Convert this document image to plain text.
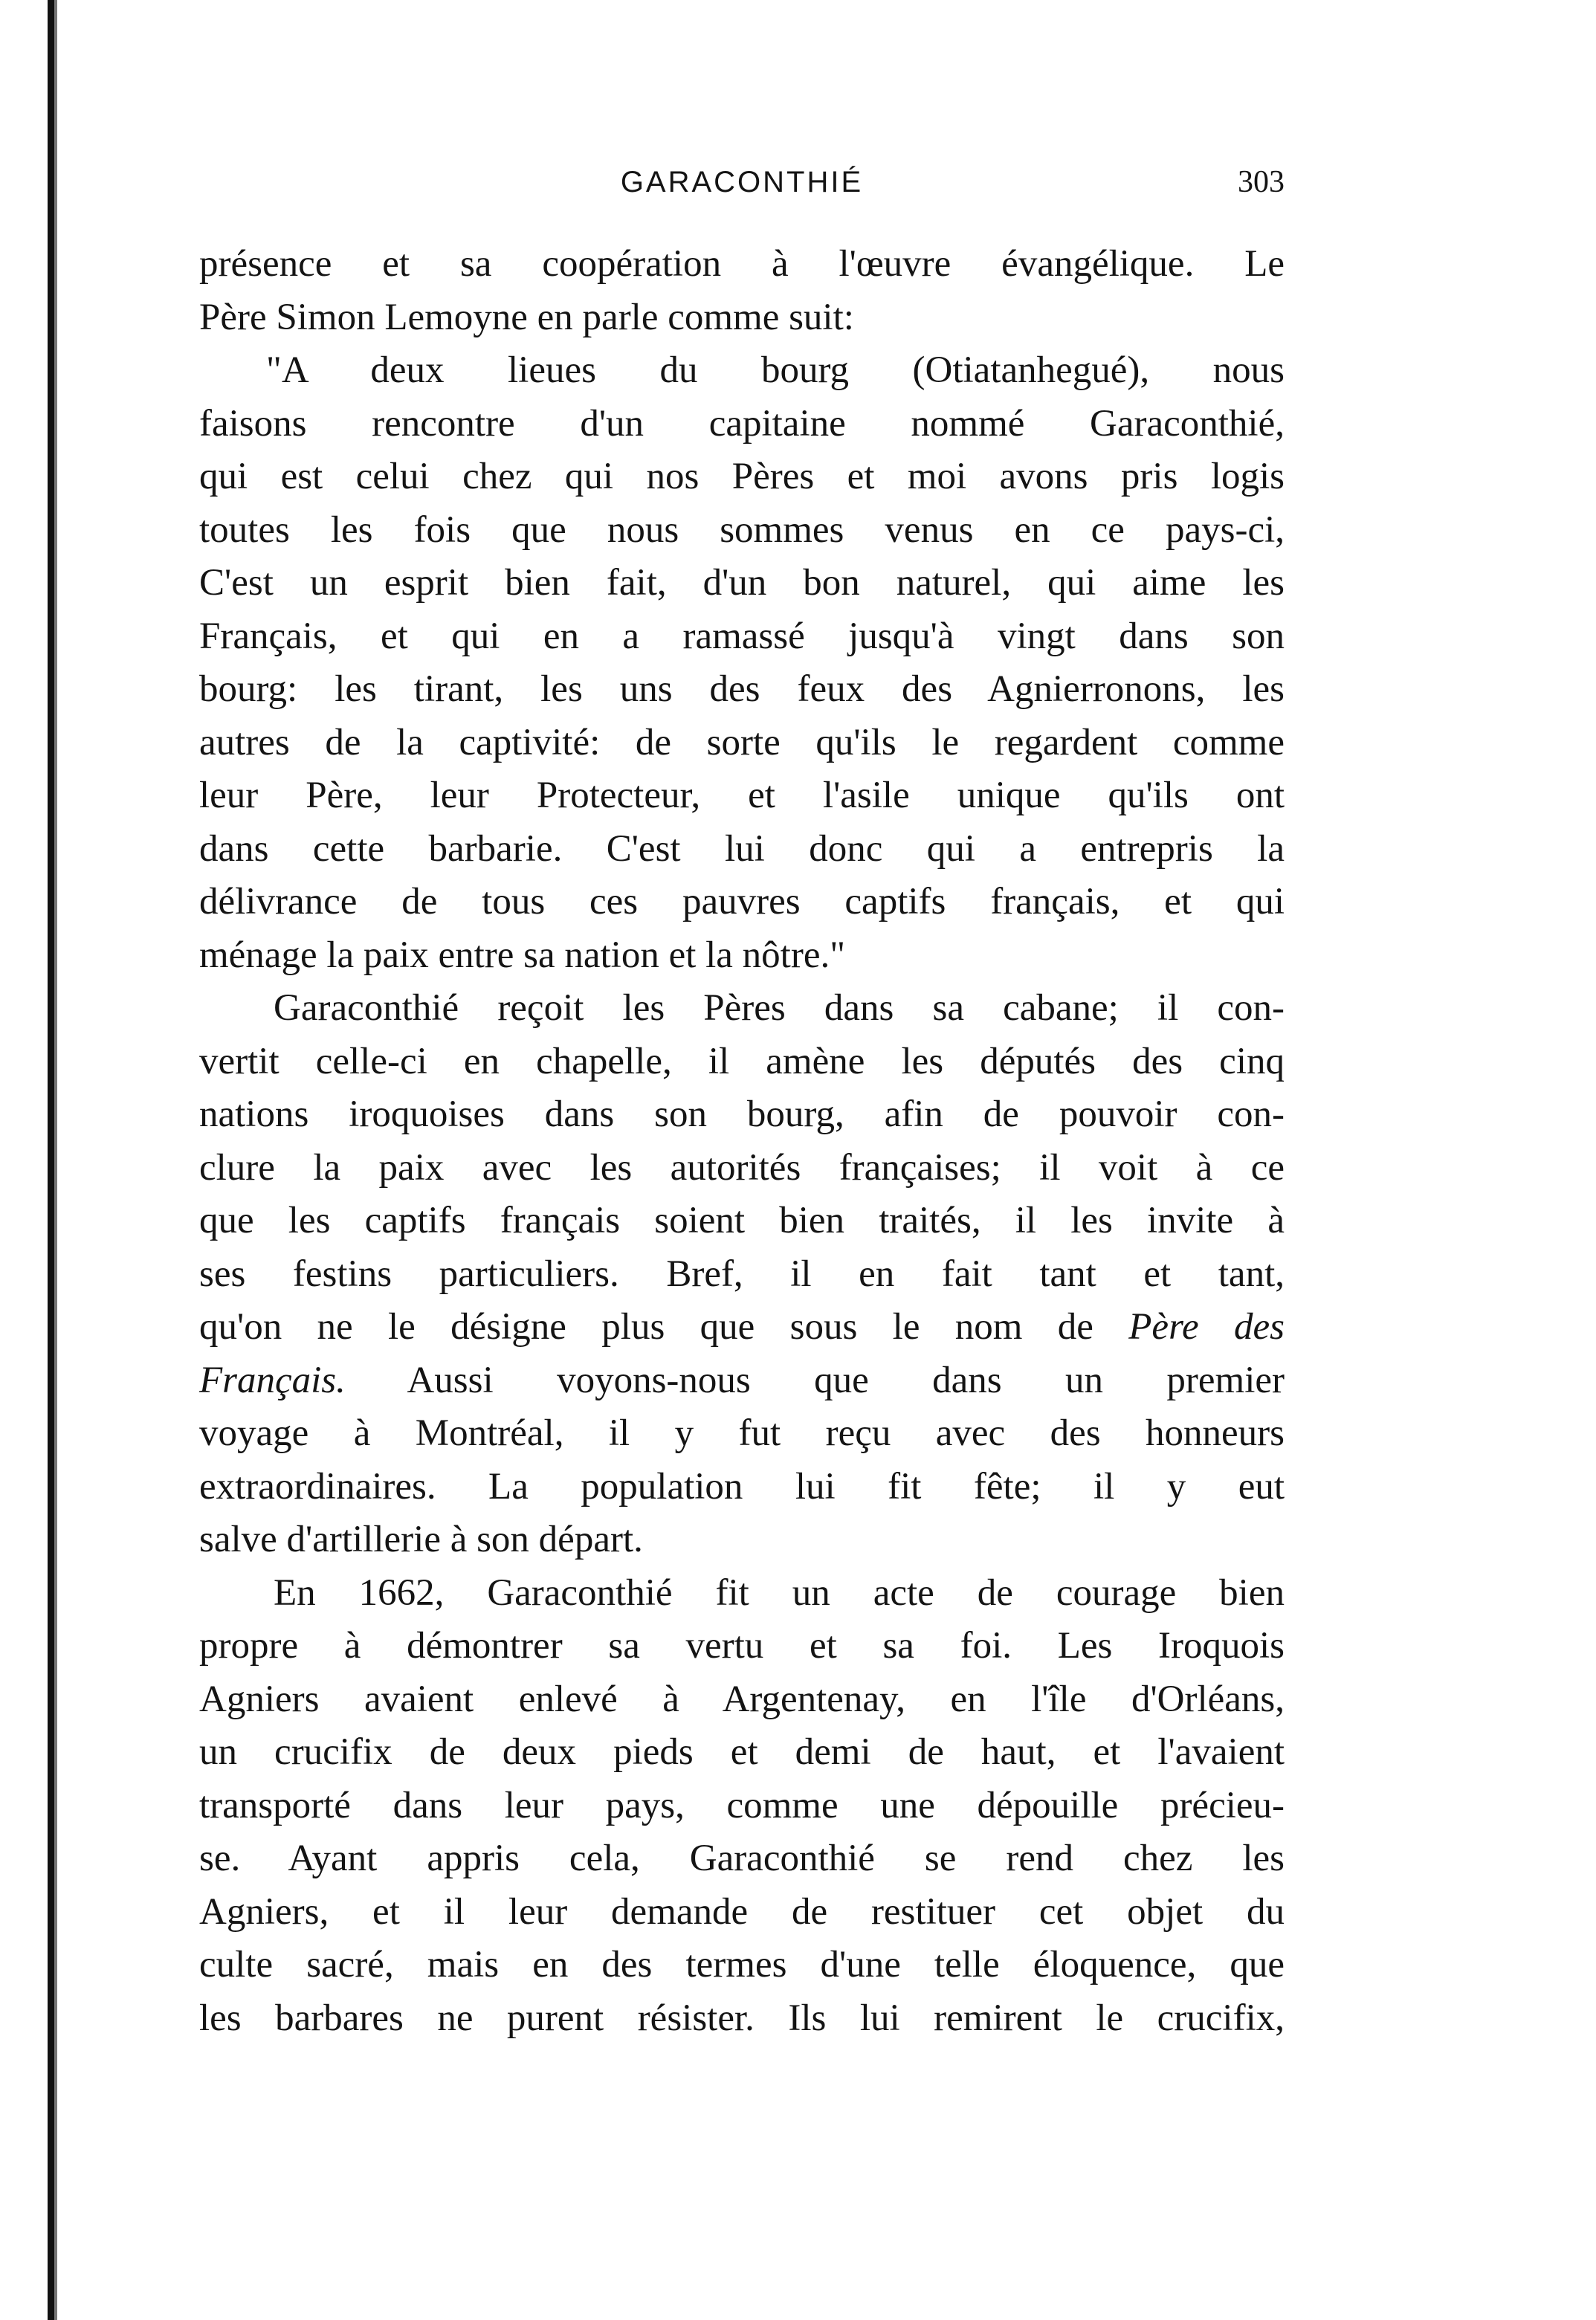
GARACONTHIÉ	303
présence et sa coopération à l'œuvre évangélique. Le
Père Simon Lemoyne en parle comme suit:
"A deux lieues du bourg (Otiatanhegué), nous
faisons rencontre d'un capitaine nommé Garaconthié,
qui est celui chez qui nos Pères et moi avons pris logis
toutes les fois que nous sommes venus en ce pays-ci,
C'est un esprit bien fait, d'un bon naturel, qui aime les
Français, et qui en a ramassé jusqu'à vingt dans son
bourg: les tirant, les uns des feux des Agnierronons, les
autres de la captivité: de sorte qu'ils le regardent comme
leur Père, leur Protecteur, et l'asile unique qu'ils ont
dans cette barbarie. C'est lui donc qui a entrepris la
délivrance de tous ces pauvres captifs français, et qui
ménage la paix entre sa nation et la nôtre."
Garaconthié reçoit les Pères dans sa cabane; il con-
vertit celle-ci en chapelle, il amène les députés des cinq
nations iroquoises dans son bourg, afin de pouvoir con-
clure la paix avec les autorités françaises; il voit à ce
que les captifs français soient bien traités, il les invite à
ses festins particuliers. Bref, il en fait tant et tant,
qu'on ne le désigne plus que sous le nom de Père des
Français. Aussi voyons-nous que dans un premier
voyage à Montréal, il y fut reçu avec des honneurs
extraordinaires. La population lui fit fête; il y eut
salve d'artillerie à son départ.
En 1662, Garaconthié fit un acte de courage bien
propre à démontrer sa vertu et sa foi. Les Iroquois
Agniers avaient enlevé à Argentenay, en l'île d'Orléans,
un crucifix de deux pieds et demi de haut, et l'avaient
transporté dans leur pays, comme une dépouille précieu-
se. Ayant appris cela, Garaconthié se rend chez les
Agniers, et il leur demande de restituer cet objet du
culte sacré, mais en des termes d'une telle éloquence, que
les barbares ne purent résister. Ils lui remirent le crucifix,
